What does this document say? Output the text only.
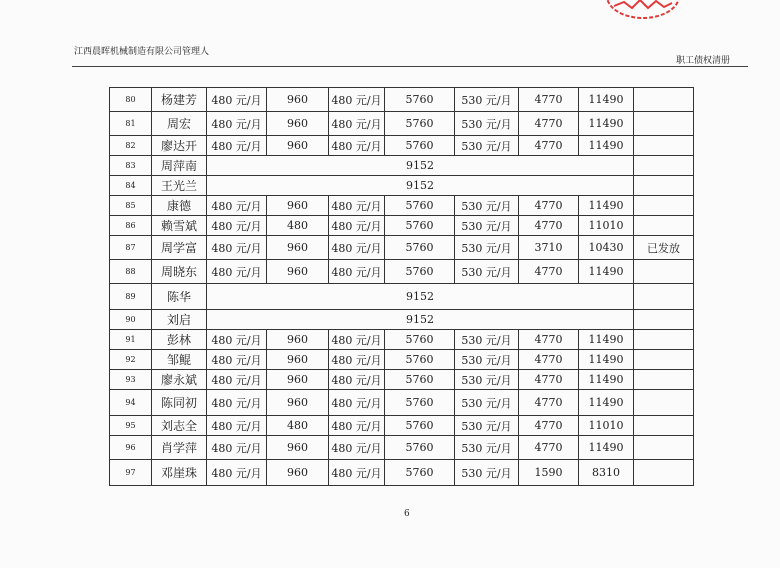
江西晨晖机械制造有限公司管理人
职工债权清册
80	杨建芳	480 元/月	960	480 元/月	5760	530 元/月	4770	11490	
81	周宏	480 元/月	960	480 元/月	5760	530 元/月	4770	11490	
82	廖达开	480 元/月	960	480 元/月	5760	530 元/月	4770	11490	
83	周萍南	9152							
84	王光兰	9152							
85	康德	480 元/月	960	480 元/月	5760	530 元/月	4770	11490	
86	赖雪斌	480 元/月	480	480 元/月	5760	530 元/月	4770	11010	
87	周学富	480 元/月	960	480 元/月	5760	530 元/月	3710	10430	已发放
88	周晓东	480 元/月	960	480 元/月	5760	530 元/月	4770	11490	
89	陈华	9152							
90	刘启	9152							
91	彭林	480 元/月	960	480 元/月	5760	530 元/月	4770	11490	
92	邹鲲	480 元/月	960	480 元/月	5760	530 元/月	4770	11490	
93	廖永斌	480 元/月	960	480 元/月	5760	530 元/月	4770	11490	
94	陈同初	480 元/月	960	480 元/月	5760	530 元/月	4770	11490	
95	刘志全	480 元/月	480	480 元/月	5760	530 元/月	4770	11010	
96	肖学萍	480 元/月	960	480 元/月	5760	530 元/月	4770	11490	
97	邓崖珠	480 元/月	960	480 元/月	5760	530 元/月	1590	8310	
6
